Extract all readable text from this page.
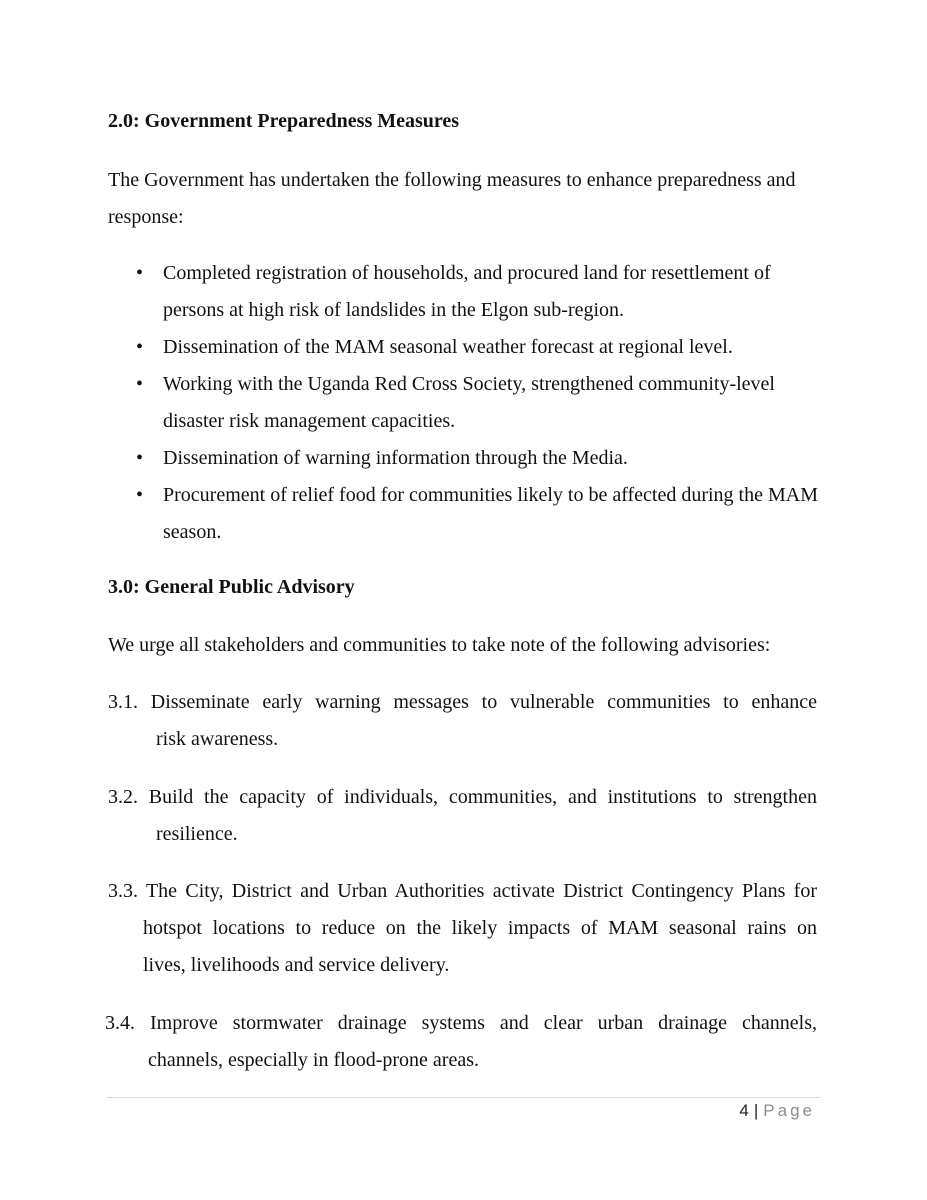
2.0: Government Preparedness Measures

The Government has undertaken the following measures to enhance preparedness and response:

• Completed registration of households, and procured land for resettlement of persons at high risk of landslides in the Elgon sub-region.
• Dissemination of the MAM seasonal weather forecast at regional level.
• Working with the Uganda Red Cross Society, strengthened community-level disaster risk management capacities.
• Dissemination of warning information through the Media.
• Procurement of relief food for communities likely to be affected during the MAM season.

3.0: General Public Advisory

We urge all stakeholders and communities to take note of the following advisories:

3.1. Disseminate early warning messages to vulnerable communities to enhance
risk awareness.
3.2. Build the capacity of individuals, communities, and institutions to strengthen
resilience.
3.3. The City, District and Urban Authorities activate District Contingency Plans for
hotspot locations to reduce on the likely impacts of MAM seasonal rains on
lives, livelihoods and service delivery.
3.4. Improve stormwater drainage systems and clear urban drainage channels,
channels, especially in flood-prone areas.
4 | Page
